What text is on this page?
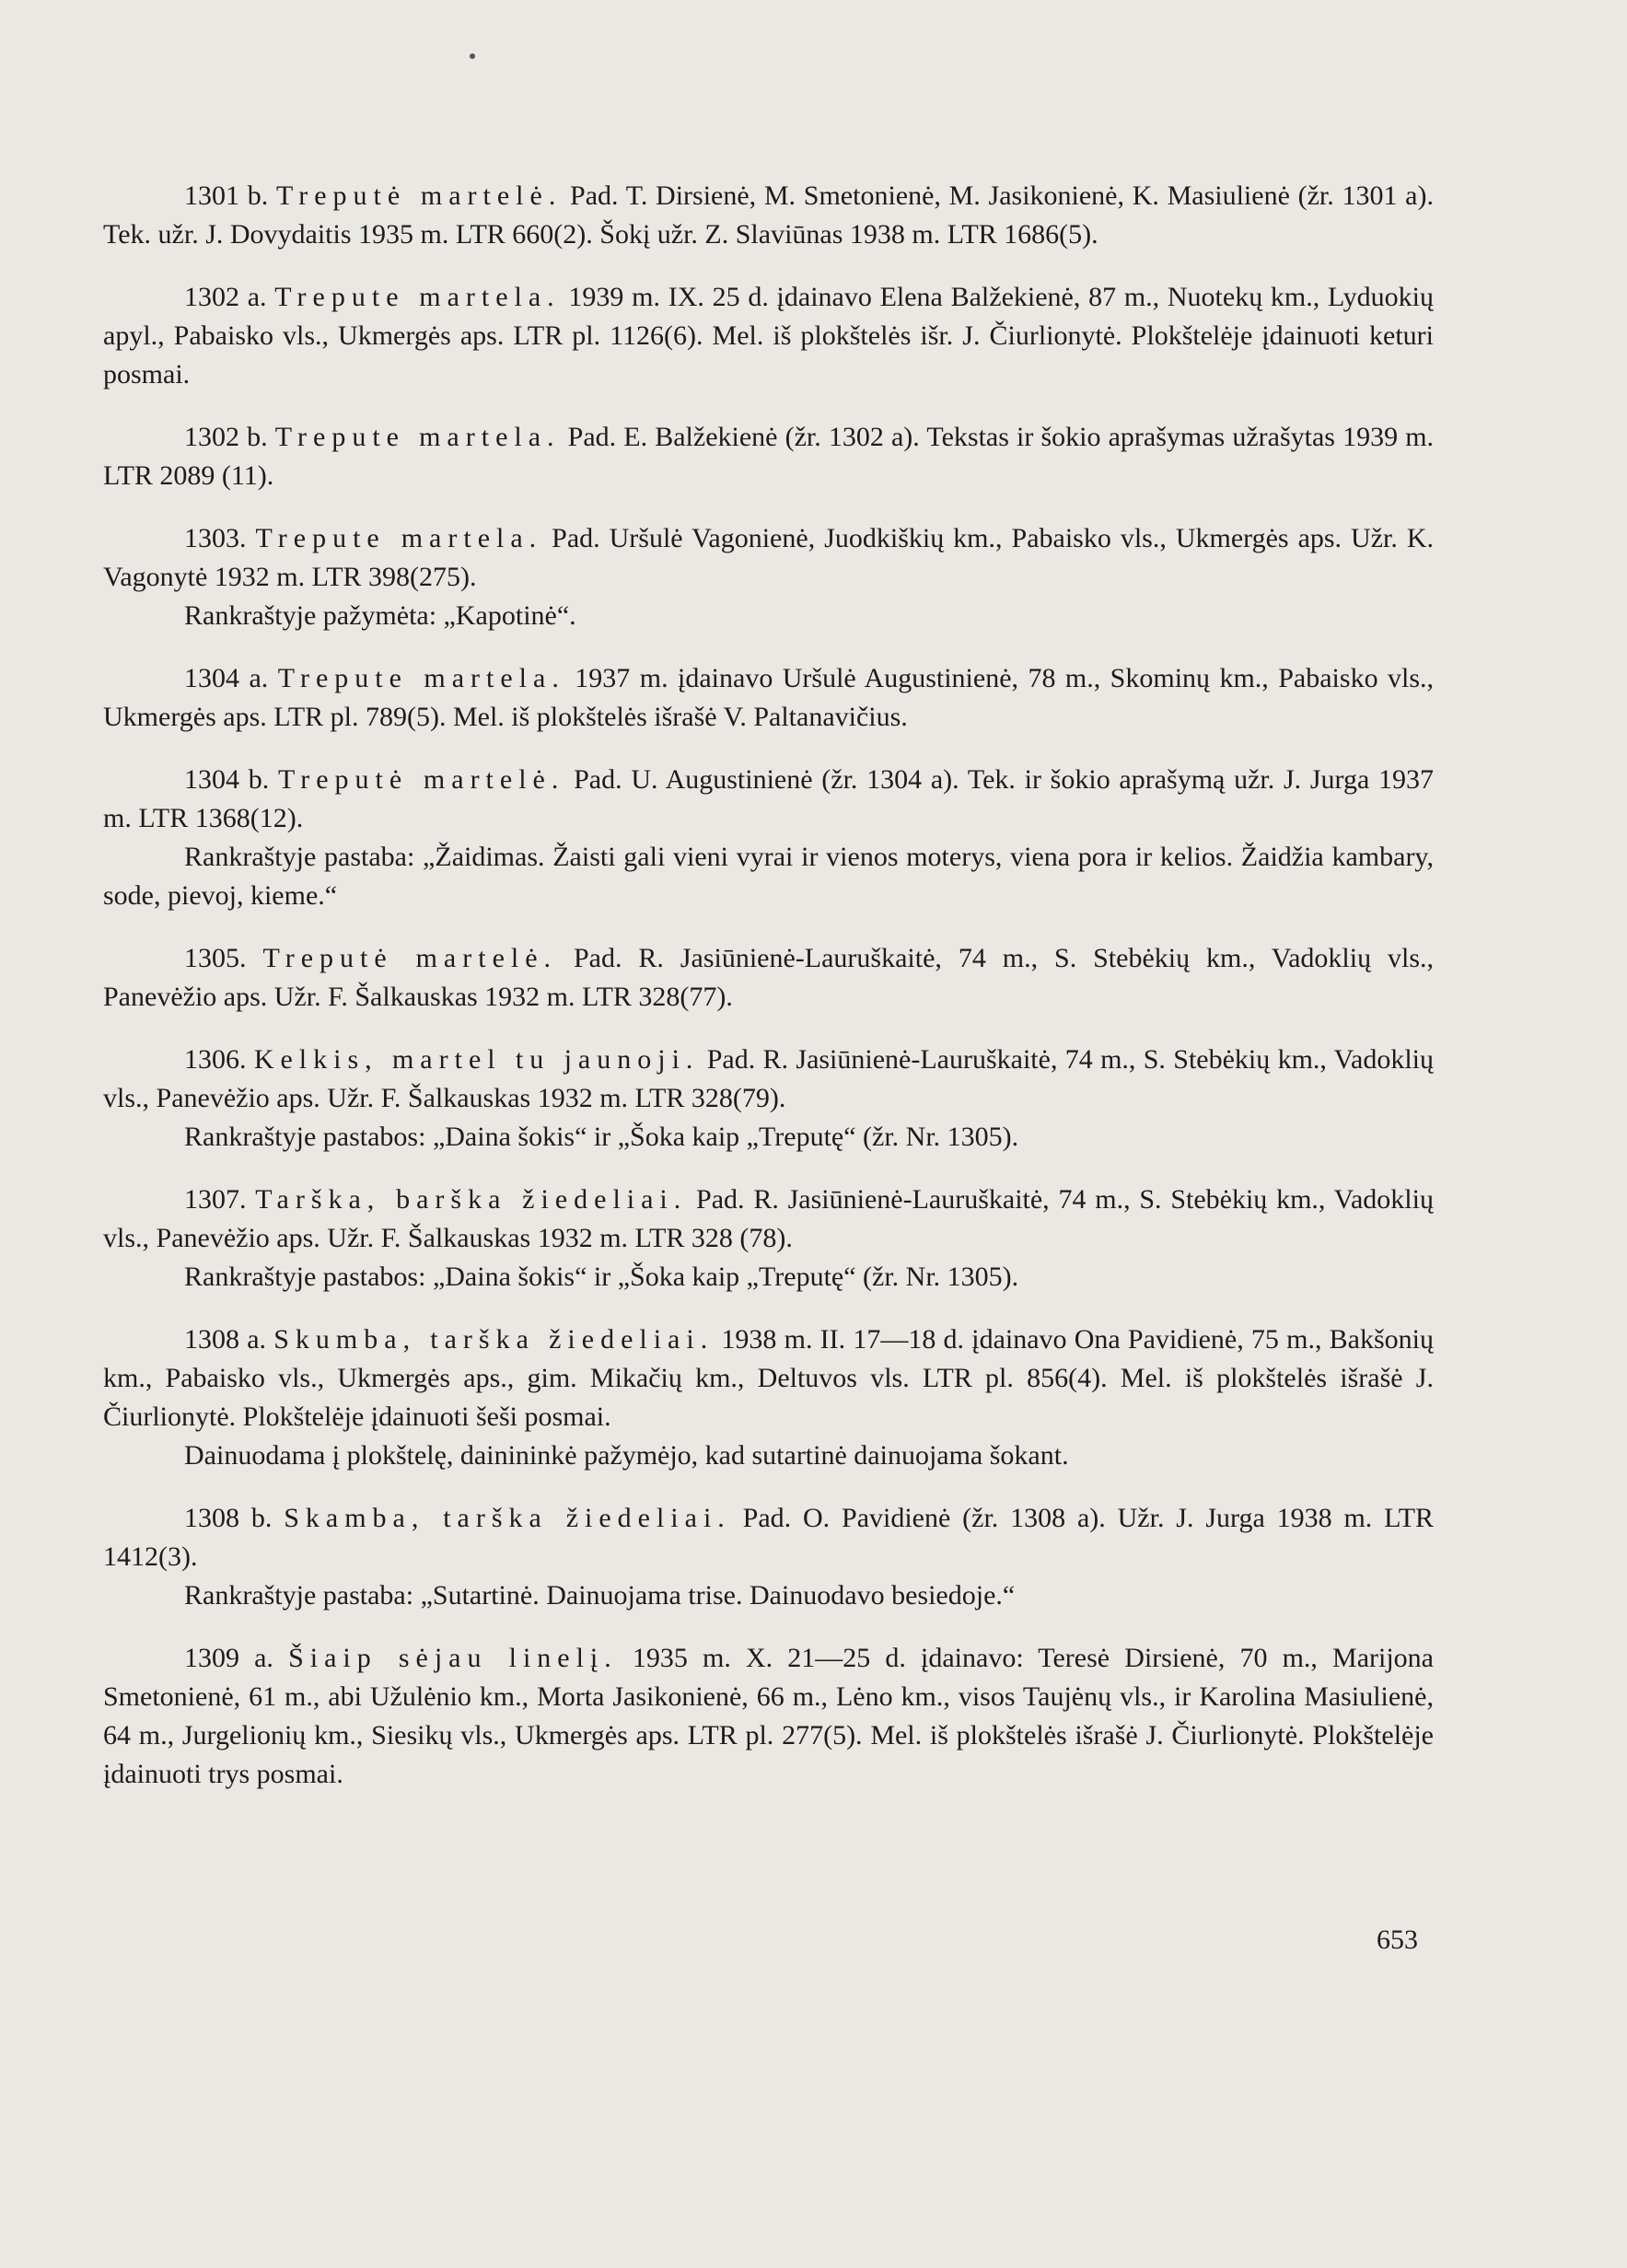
1301 b. Treputė martelė. Pad. T. Dirsienė, M. Smetonienė, M. Jasikonienė, K. Masiulienė (žr. 1301 a). Tek. užr. J. Dovydaitis 1935 m. LTR 660(2). Šokį užr. Z. Slaviūnas 1938 m. LTR 1686(5).

1302 a. Trepute martela. 1939 m. IX. 25 d. įdainavo Elena Balžekienė, 87 m., Nuotekų km., Lyduokių apyl., Pabaisko vls., Ukmergės aps. LTR pl. 1126(6). Mel. iš plokštelės išr. J. Čiurlionytė. Plokštelėje įdainuoti keturi posmai.

1302 b. Trepute martela. Pad. E. Balžekienė (žr. 1302 a). Tekstas ir šokio aprašymas užrašytas 1939 m. LTR 2089 (11).

1303. Trepute martela. Pad. Uršulė Vagonienė, Juodkiškių km., Pabaisko vls., Ukmergės aps. Užr. K. Vagonytė 1932 m. LTR 398(275).

Rankraštyje pažymėta: „Kapotinė“.

1304 a. Trepute martela. 1937 m. įdainavo Uršulė Augustinienė, 78 m., Skominų km., Pabaisko vls., Ukmergės aps. LTR pl. 789(5). Mel. iš plokštelės išrašė V. Paltanavičius.

1304 b. Treputė martelė. Pad. U. Augustinienė (žr. 1304 a). Tek. ir šokio aprašymą užr. J. Jurga 1937 m. LTR 1368(12).

Rankraštyje pastaba: „Žaidimas. Žaisti gali vieni vyrai ir vienos moterys, viena pora ir kelios. Žaidžia kambary, sode, pievoj, kieme.“

1305. Treputė martelė. Pad. R. Jasiūnienė-Lauruškaitė, 74 m., S. Stebėkių km., Vadoklių vls., Panevėžio aps. Užr. F. Šalkauskas 1932 m. LTR 328(77).

1306. Kelkis, martel tu jaunoji. Pad. R. Jasiūnienė-Lauruškaitė, 74 m., S. Stebėkių km., Vadoklių vls., Panevėžio aps. Užr. F. Šalkauskas 1932 m. LTR 328(79).

Rankraštyje pastabos: „Daina šokis“ ir „Šoka kaip „Treputę“ (žr. Nr. 1305).

1307. Tarška, barška žiedeliai. Pad. R. Jasiūnienė-Lauruškaitė, 74 m., S. Stebėkių km., Vadoklių vls., Panevėžio aps. Užr. F. Šalkauskas 1932 m. LTR 328 (78).

Rankraštyje pastabos: „Daina šokis“ ir „Šoka kaip „Treputę“ (žr. Nr. 1305).

1308 a. Skumba, tarška žiedeliai. 1938 m. II. 17—18 d. įdainavo Ona Pavidienė, 75 m., Bakšonių km., Pabaisko vls., Ukmergės aps., gim. Mikačių km., Deltuvos vls. LTR pl. 856(4). Mel. iš plokštelės išrašė J. Čiurlionytė. Plokštelėje įdainuoti šeši posmai.

Dainuodama į plokštelę, dainininkė pažymėjo, kad sutartinė dainuojama šokant.

1308 b. Skamba, tarška žiedeliai. Pad. O. Pavidienė (žr. 1308 a). Užr. J. Jurga 1938 m. LTR 1412(3).

Rankraštyje pastaba: „Sutartinė. Dainuojama trise. Dainuodavo besiedoje.“

1309 a. Šiaip sėjau linelį. 1935 m. X. 21—25 d. įdainavo: Teresė Dirsienė, 70 m., Marijona Smetonienė, 61 m., abi Užulėnio km., Morta Jasikonienė, 66 m., Lėno km., visos Taujėnų vls., ir Karolina Masiulienė, 64 m., Jurgelionių km., Siesikų vls., Ukmergės aps. LTR pl. 277(5). Mel. iš plokštelės išrašė J. Čiurlionytė. Plokštelėje įdainuoti trys posmai.

653
